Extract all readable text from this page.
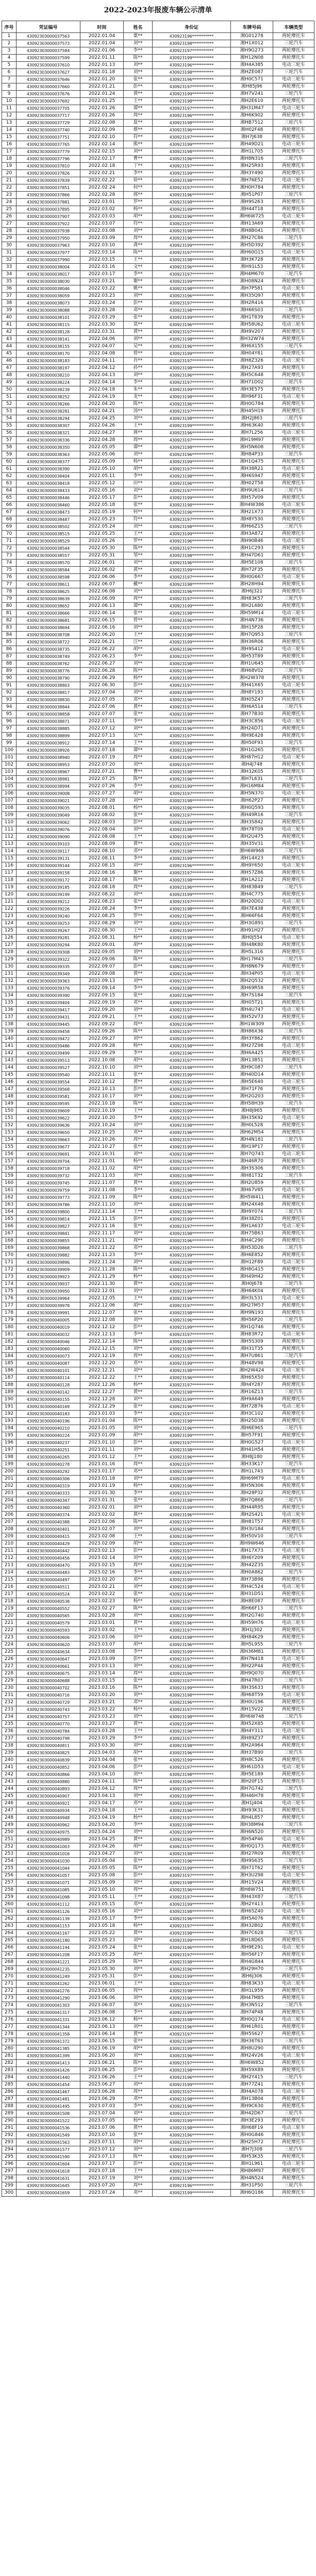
2022-2023年报废车辆公示清单
序号	凭证编号	时间	姓名	身份证	车牌号码	车辆类型
1	43092303000037563	2022.01.04	粟**	430923196***********	湘G01278	两轮摩托车
2	43092303000037573	2022.01.04	刘**	430923198***********	湘H1X012	三轮汽车
3	43092303000037584	2022.01.06	李**	430923197***********	湘H9G273	两轮摩托车
4	43092303000037599	2022.01.11	陈**	430923199***********	湘H12N08	两轮摩托车
5	43092303000037610	2022.01.13	刘**	430923196***********	湘H4A385	电动三轮车
6	43092303000037627	2022.01.18	刘**	430923198***********	湘HZE087	三轮汽车
7	43092303000037646	2022.01.20	张**	430923196***********	湘H0C571	电动三轮车
8	43092303000037660	2022.01.21	彭**	430923197***********	湘H85J96	两轮摩托车
9	43092303000037676	2022.01.24	黄**	430923199***********	湘H7V241	三轮汽车
10	43092303000037692	2022.01.25	王**	430923198***********	湘H2E610	两轮摩托车
11	43092303000037705	2022.01.26	谭**	430923197***********	湘H31M47	电动三轮车
12	43092303000037717	2022.01.26	周**	430923196***********	湘H6K902	两轮摩托车
13	43092303000037729	2022.02.08	夏**	430923198***********	湘HB7512	三轮汽车
14	43092303000037740	2022.02.09	蔡**	430923196***********	湘H02F48	两轮摩托车
15	43092303000037751	2022.02.10	符**	430923197***********	湘H7J638	两轮摩托车
16	43092303000037765	2022.02.14	熊**	430923199***********	湘H49D21	电动三轮车
17	43092303000037779	2022.02.15	刘**	430923198***********	湘H1L705	两轮摩托车
18	43092303000037796	2022.02.17	曹**	430923196***********	湘H8N316	三轮汽车
19	43092303000037810	2022.02.18	丁**	430923197***********	湘H25R93	两轮摩托车
20	43092303000037826	2022.02.21	李**	430923199***********	湘H3Y490	两轮摩托车
21	43092303000037839	2022.02.22	徐**	430923198***********	湘H76E52	电动三轮车
22	43092303000037851	2022.02.24	何**	430923197***********	湘H0H784	两轮摩托车
23	43092303000037866	2022.02.28	郭**	430923196***********	湘H51P07	三轮汽车
24	43092303000037881	2022.03.01	罗**	430923198***********	湘H9S263	两轮摩托车
25	43092303000037895	2022.03.02	杨**	430923199***********	湘H44T18	两轮摩托车
26	43092303000037907	2022.03.03	胡**	430923196***********	湘H6W725	电动三轮车
27	43092303000037922	2022.03.07	符**	430923197***********	湘H13A69	两轮摩托车
28	43092303000037938	2022.03.08	刘**	430923198***********	湘H8B041	两轮摩托车
29	43092303000037950	2022.03.09	周**	430923196***********	湘H27C86	三轮汽车
30	43092303000037963	2022.03.10	龚**	430923199***********	湘H5D392	两轮摩托车
31	43092303000037977	2022.03.14	陈**	430923197***********	湘H60G15	电动三轮车
32	43092303000037990	2022.03.15	王**	430923198***********	湘H3K728	两轮摩托车
33	43092303000038004	2022.03.16	文**	430923196***********	湘H91L53	两轮摩托车
34	43092303000038017	2022.03.17	李**	430923197***********	湘H4M670	三轮汽车
35	43092303000038030	2022.03.21	谢**	430923199***********	湘H08N24	两轮摩托车
36	43092303000038046	2022.03.22	姚**	430923198***********	湘H7P581	电动三轮车
37	43092303000038059	2022.03.23	刘**	430923196***********	湘H35Q97	两轮摩托车
38	43092303000038073	2022.03.24	彭**	430923197***********	湘H2R416	两轮摩托车
39	43092303000038088	2022.03.28	邓**	430923198***********	湘H66S03	三轮汽车
40	43092303000038101	2022.03.29	张**	430923199***********	湘H1T839	两轮摩托车
41	43092303000038115	2022.03.30	莫**	430923196***********	湘H58U62	电动三轮车
42	43092303000038128	2022.03.31	黄**	430923197***********	湘H9V207	两轮摩托车
43	43092303000038141	2022.04.06	刘**	430923198***********	湘H32W74	两轮摩托车
44	43092303000038155	2022.04.07	吴**	430923196***********	湘H6X155	三轮汽车
45	43092303000038170	2022.04.08	曾**	430923199***********	湘H04Y81	两轮摩托车
46	43092303000038183	2022.04.11	肖**	430923197***********	湘H8Z326	电动三轮车
47	43092303000038197	2022.04.12	孙**	430923198***********	湘H27A93	两轮摩托车
48	43092303000038210	2022.04.13	刘**	430923196***********	湘H5C648	两轮摩托车
49	43092303000038224	2022.04.14	李**	430923197***********	湘H71D02	三轮汽车
50	43092303000038239	2022.04.18	朱**	430923199***********	湘H3E575	两轮摩托车
51	43092303000038252	2022.04.19	龙**	430923198***********	湘H96F31	电动三轮车
52	43092303000038266	2022.04.20	陈**	430923196***********	湘H0G784	两轮摩托车
53	43092303000038281	2022.04.21	汤**	430923197***********	湘H45H19	两轮摩托车
54	43092303000038294	2022.04.25	刘**	430923198***********	湘H2J863	三轮汽车
55	43092303000038307	2022.04.26	王**	430923199***********	湘H63K40	两轮摩托车
56	43092303000038321	2022.04.27	蒋**	430923196***********	湘H7L256	电动三轮车
57	43092303000038336	2022.04.28	周**	430923197***********	湘H19M97	两轮摩托车
58	43092303000038350	2022.05.05	谭**	430923198***********	湘H5N608	两轮摩托车
59	43092303000038363	2022.05.06	刘**	430923196***********	湘H84P33	三轮汽车
60	43092303000038377	2022.05.09	杨**	430923199***********	湘H1Q475	两轮摩托车
61	43092303000038390	2022.05.10	胡**	430923197***********	湘H38R21	电动三轮车
62	43092303000038404	2022.05.11	李**	430923198***********	湘H6S947	两轮摩托车
63	43092303000038418	2022.05.12	田**	430923196***********	湘H02T58	两轮摩托车
64	43092303000038433	2022.05.16	刘**	430923197***********	湘H9U614	三轮汽车
65	43092303000038446	2022.05.17	彭**	430923199***********	湘H57V09	两轮摩托车
66	43092303000038460	2022.05.18	张**	430923198***********	湘H4W386	电动三轮车
67	43092303000038473	2022.05.19	何**	430923196***********	湘H21X73	两轮摩托车
68	43092303000038487	2022.05.23	符**	430923197***********	湘H8Y530	两轮摩托车
69	43092303000038502	2022.05.24	刘**	430923198***********	湘H66Z15	三轮汽车
70	43092303000038515	2022.05.25	王**	430923199***********	湘H3A872	两轮摩托车
71	43092303000038529	2022.05.26	罗**	430923196***********	湘H90B46	电动三轮车
72	43092303000038544	2022.05.30	陈**	430923197***********	湘H1C293	两轮摩托车
73	43092303000038557	2022.05.31	邹**	430923198***********	湘H47D61	两轮摩托车
74	43092303000038570	2022.06.01	刘**	430923196***********	湘H5E108	三轮汽车
75	43092303000038584	2022.06.02	黄**	430923199***********	湘H72F35	两轮摩托车
76	43092303000038598	2022.06.06	李**	430923197***********	湘H0G667	电动三轮车
77	43092303000038611	2022.06.07	戴**	430923198***********	湘H28H94	两轮摩托车
78	43092303000038625	2022.06.08	刘**	430923196***********	湘H6J321	两轮摩托车
79	43092303000038639	2022.06.09	周**	430923197***********	湘H83K57	三轮汽车
80	43092303000038652	2022.06.13	谭**	430923199***********	湘H2L480	两轮摩托车
81	43092303000038666	2022.06.14	张**	430923198***********	湘H59M14	电动三轮车
82	43092303000038681	2022.06.15	曾**	430923196***********	湘H4N736	两轮摩托车
83	43092303000038694	2022.06.16	刘**	430923197***********	湘H15P28	两轮摩托车
84	43092303000038708	2022.06.20	王**	430923198***********	湘H7Q953	三轮汽车
85	43092303000038722	2022.06.21	汪**	430923199***********	湘H36R06	两轮摩托车
86	43092303000038735	2022.06.22	胡**	430923196***********	湘H9S412	电动三轮车
87	43092303000038749	2022.06.23	李**	430923197***********	湘H53T89	两轮摩托车
88	43092303000038762	2022.06.27	刘**	430923198***********	湘H1U645	两轮摩托车
89	43092303000038776	2022.06.28	陈**	430923196***********	湘H68V02	三轮汽车
90	43092303000038790	2022.06.29	杨**	430923199***********	湘H2W378	两轮摩托车
91	43092303000038803	2022.06.30	彭**	430923197***********	湘H41X65	电动三轮车
92	43092303000038817	2022.07.04	刘**	430923198***********	湘H8Y193	两轮摩托车
93	43092303000038830	2022.07.05	邓**	430923196***********	湘H05Z47	两轮摩托车
94	43092303000038844	2022.07.06	黄**	430923197***********	湘H6A514	三轮汽车
95	43092303000038858	2022.07.07	张**	430923199***********	湘H77B30	两轮摩托车
96	43092303000038871	2022.07.11	李**	430923198***********	湘H3C856	电动三轮车
97	43092303000038885	2022.07.12	刘**	430923196***********	湘H24D71	两轮摩托车
98	43092303000038899	2022.07.13	吴**	430923197***********	湘H9E428	两轮摩托车
99	43092303000038912	2022.07.14	王**	430923198***********	湘H50F93	三轮汽车
100	43092303000038926	2022.07.18	谭**	430923199***********	湘H1G265	两轮摩托车
101	43092303000038940	2022.07.19	周**	430923196***********	湘H87H12	电动三轮车
102	43092303000038953	2022.07.20	刘**	430923197***********	湘H4J748	两轮摩托车
103	43092303000038967	2022.07.21	曹**	430923198***********	湘H32K05	两轮摩托车
104	43092303000038981	2022.07.25	陈**	430923196***********	湘H7L631	三轮汽车
105	43092303000038994	2022.07.26	李**	430923199***********	湘H16M84	两轮摩托车
106	43092303000039008	2022.07.27	胡**	430923197***********	湘H5N370	电动三轮车
107	43092303000039021	2022.07.28	刘**	430923198***********	湘H62P27	两轮摩托车
108	43092303000039035	2022.08.01	杨**	430923196***********	湘H0Q593	两轮摩托车
109	43092303000039049	2022.08.02	张**	430923197***********	湘H49R16	三轮汽车
110	43092303000039062	2022.08.03	彭**	430923199***********	湘H3S842	两轮摩托车
111	43092303000039076	2022.08.04	刘**	430923198***********	湘H78T09	电动三轮车
112	43092303000039090	2022.08.08	王**	430923196***********	湘H2U475	两轮摩托车
113	43092303000039103	2022.08.09	黄**	430923197***********	湘H35V31	两轮摩托车
114	43092303000039117	2022.08.10	邓**	430923198***********	湘H6W968	三轮汽车
115	43092303000039131	2022.08.11	李**	430923199***********	湘H14X23	两轮摩托车
116	43092303000039144	2022.08.15	刘**	430923196***********	湘H9Y650	电动三轮车
117	43092303000039158	2022.08.16	谢**	430923197***********	湘H57Z86	两轮摩托车
118	43092303000039172	2022.08.17	陈**	430923198***********	湘H1A212	两轮摩托车
119	43092303000039185	2022.08.18	周**	430923196***********	湘H83B49	三轮汽车
120	43092303000039199	2022.08.22	刘**	430923199***********	湘H4C775	两轮摩托车
121	43092303000039212	2022.08.23	张**	430923197***********	湘H20D02	电动三轮车
122	43092303000039226	2022.08.24	李**	430923198***********	湘H7E438	两轮摩托车
123	43092303000039240	2022.08.25	罗**	430923196***********	湘H66F64	两轮摩托车
124	43092303000039253	2022.08.29	刘**	430923197***********	湘H3G891	三轮汽车
125	43092303000039267	2022.08.30	王**	430923199***********	湘H91H27	两轮摩托车
126	43092303000039281	2022.08.31	杨**	430923198***********	湘H0J554	电动三轮车
127	43092303000039294	2022.09.01	胡**	430923196***********	湘H48K80	两轮摩托车
128	43092303000039308	2022.09.05	刘**	430923197***********	湘H5L316	两轮摩托车
129	43092303000039322	2022.09.06	陈**	430923198***********	湘H17M43	三轮汽车
130	43092303000039335	2022.09.07	彭**	430923199***********	湘H8N679	两轮摩托车
131	43092303000039349	2022.09.08	黄**	430923196***********	湘H34P05	电动三轮车
132	43092303000039363	2022.09.13	刘**	430923197***********	湘H2Q532	两轮摩托车
133	43092303000039376	2022.09.14	李**	430923198***********	湘H69R58	两轮摩托车
134	43092303000039390	2022.09.15	张**	430923196***********	湘H7S184	三轮汽车
135	43092303000039404	2022.09.19	邓**	430923199***********	湘H05T21	两轮摩托车
136	43092303000039417	2022.09.20	刘**	430923197***********	湘H4U747	电动三轮车
137	43092303000039431	2022.09.21	王**	430923198***********	湘H52V73	两轮摩托车
138	43092303000039445	2022.09.22	周**	430923196***********	湘H1W309	两轮摩托车
139	43092303000039458	2022.09.26	陈**	430923197***********	湘H86X36	三轮汽车
140	43092303000039472	2022.09.27	刘**	430923199***********	湘H3Y862	两轮摩托车
141	43092303000039486	2022.09.28	杨**	430923198***********	湘H27Z98	电动三轮车
142	43092303000039499	2022.09.29	李**	430923196***********	湘H6A425	两轮摩托车
143	43092303000039513	2022.10.08	胡**	430923197***********	湘H13B51	两轮摩托车
144	43092303000039527	2022.10.10	刘**	430923198***********	湘H9C087	三轮汽车
145	43092303000039540	2022.10.11	张**	430923199***********	湘H40D14	两轮摩托车
146	43092303000039554	2022.10.12	黄**	430923196***********	湘H5E640	电动三轮车
147	43092303000039568	2022.10.13	彭**	430923197***********	湘H71F76	两轮摩托车
148	43092303000039581	2022.10.17	刘**	430923198***********	湘H2G203	两轮摩托车
149	43092303000039595	2022.10.18	陈**	430923196***********	湘H58H39	三轮汽车
150	43092303000039609	2022.10.19	王**	430923199***********	湘H8J965	两轮摩托车
151	43092303000039622	2022.10.20	李**	430923197***********	湘H35K92	电动三轮车
152	43092303000039636	2022.10.24	刘**	430923198***********	湘H0L528	两轮摩托车
153	43092303000039650	2022.10.25	邓**	430923196***********	湘H62M54	两轮摩托车
154	43092303000039663	2022.10.26	周**	430923197***********	湘H4N181	三轮汽车
155	43092303000039677	2022.10.27	张**	430923199***********	湘H19P17	两轮摩托车
156	43092303000039691	2022.10.31	刘**	430923198***********	湘H7Q743	电动三轮车
157	43092303000039704	2022.11.01	杨**	430923196***********	湘H46R70	两轮摩托车
158	43092303000039718	2022.11.02	胡**	430923197***********	湘H3S306	两轮摩托车
159	43092303000039732	2022.11.03	刘**	430923198***********	湘H81T32	三轮汽车
160	43092303000039745	2022.11.07	黄**	430923199***********	湘H2U859	两轮摩托车
161	43092303000039759	2022.11.08	李**	430923196***********	湘H67V85	电动三轮车
162	43092303000039773	2022.11.09	陈**	430923197***********	湘H5W411	两轮摩托车
163	43092303000039786	2022.11.10	刘**	430923198***********	湘H24X48	两轮摩托车
164	43092303000039800	2022.11.14	王**	430923196***********	湘H9Y074	三轮汽车
165	43092303000039814	2022.11.15	彭**	430923199***********	湘H38Z01	两轮摩托车
166	43092303000039827	2022.11.16	张**	430923197***********	湘H1A637	电动三轮车
167	43092303000039841	2022.11.17	刘**	430923198***********	湘H75B63	两轮摩托车
168	43092303000039855	2022.11.21	周**	430923196***********	湘H4C290	两轮摩托车
169	43092303000039868	2022.11.22	邓**	430923197***********	湘H53D26	三轮汽车
170	43092303000039882	2022.11.23	李**	430923199***********	湘H6E852	两轮摩托车
171	43092303000039896	2022.11.24	刘**	430923198***********	湘H12F89	电动三轮车
172	43092303000039909	2022.11.28	陈**	430923196***********	湘H8G415	两轮摩托车
173	43092303000039923	2022.11.29	杨**	430923197***********	湘H49H42	两轮摩托车
174	43092303000039937	2022.11.30	黄**	430923198***********	湘H0J678	三轮汽车
175	43092303000039950	2022.12.01	刘**	430923199***********	湘H64K04	两轮摩托车
176	43092303000039964	2022.12.05	王**	430923196***********	湘H3L531	电动三轮车
177	43092303000039978	2022.12.06	胡**	430923197***********	湘H27M57	两轮摩托车
178	43092303000039991	2022.12.07	张**	430923198***********	湘H9N193	两轮摩托车
179	43092303000040005	2022.12.08	刘**	430923196***********	湘H56P20	三轮汽车
180	43092303000040019	2022.12.12	彭**	430923199***********	湘H1Q746	两轮摩托车
181	43092303000040032	2022.12.13	李**	430923197***********	湘H83R72	电动三轮车
182	43092303000040046	2022.12.14	陈**	430923198***********	湘H5S309	两轮摩托车
183	43092303000040060	2022.12.15	刘**	430923196***********	湘H31T35	两轮摩托车
184	43092303000040073	2022.12.19	周**	430923197***********	湘H7U861	三轮汽车
185	43092303000040087	2022.12.20	邓**	430923199***********	湘H48V98	两轮摩托车
186	43092303000040101	2022.12.21	刘**	430923198***********	湘H2W424	电动三轮车
187	43092303000040114	2022.12.22	王**	430923196***********	湘H65X50	两轮摩托车
188	43092303000040128	2022.12.26	杨**	430923197***********	湘H4Y287	两轮摩托车
189	43092303000040142	2022.12.27	黄**	430923198***********	湘H16Z13	三轮汽车
190	43092303000040155	2022.12.28	刘**	430923199***********	湘H9A649	两轮摩托车
191	43092303000040169	2022.12.29	张**	430923196***********	湘H72B76	电动三轮车
192	43092303000040183	2023.01.03	李**	430923197***********	湘H3C102	两轮摩托车
193	43092303000040196	2023.01.04	陈**	430923198***********	湘H25D38	两轮摩托车
194	43092303000040210	2023.01.05	刘**	430923196***********	湘H6E965	三轮汽车
195	43092303000040224	2023.01.09	胡**	430923199***********	湘H57F91	两轮摩托车
196	43092303000040237	2023.01.10	彭**	430923197***********	湘H0G527	电动三轮车
197	43092303000040251	2023.01.11	刘**	430923198***********	湘H41H54	两轮摩托车
198	43092303000040265	2023.01.12	王**	430923196***********	湘H8J180	两轮摩托车
199	43092303000040278	2023.01.16	周**	430923197***********	湘H33K17	三轮汽车
200	43092303000040292	2023.01.17	邓**	430923199***********	湘H1L743	两轮摩托车
201	43092303000040306	2023.01.18	刘**	430923198***********	湘H69M79	电动三轮车
202	43092303000040319	2023.01.19	杨**	430923196***********	湘H5N306	两轮摩托车
203	43092303000040333	2023.01.30	李**	430923197***********	湘H28P32	两轮摩托车
204	43092303000040347	2023.01.31	张**	430923198***********	湘H7Q868	三轮汽车
205	43092303000040360	2023.02.01	刘**	430923199***********	湘H44R95	两轮摩托车
206	43092303000040374	2023.02.02	黄**	430923196***********	湘H2S421	电动三轮车
207	43092303000040388	2023.02.06	陈**	430923197***********	湘H81T57	两轮摩托车
208	43092303000040401	2023.02.07	刘**	430923198***********	湘H3U184	两轮摩托车
209	43092303000040415	2023.02.08	王**	430923196***********	湘H50V10	三轮汽车
210	43092303000040429	2023.02.09	胡**	430923199***********	湘H9W646	两轮摩托车
211	43092303000040442	2023.02.13	彭**	430923197***********	湘H17X73	电动三轮车
212	43092303000040456	2023.02.14	刘**	430923198***********	湘H6Y209	两轮摩托车
213	43092303000040470	2023.02.15	周**	430923196***********	湘H42Z35	两轮摩托车
214	43092303000040483	2023.02.16	李**	430923197***********	湘H0A862	三轮汽车
215	43092303000040497	2023.02.20	邓**	430923199***********	湘H73B98	两轮摩托车
216	43092303000040511	2023.02.21	刘**	430923198***********	湘H4C524	电动三轮车
217	43092303000040524	2023.02.22	张**	430923196***********	湘H31D51	两轮摩托车
218	43092303000040538	2023.02.23	杨**	430923197***********	湘H8E087	两轮摩托车
219	43092303000040552	2023.02.27	陈**	430923198***********	湘H66F13	三轮汽车
220	43092303000040565	2023.02.28	刘**	430923199***********	湘H2G740	两轮摩托车
221	43092303000040579	2023.03.01	黄**	430923196***********	湘H59H76	电动三轮车
222	43092303000040593	2023.03.02	王**	430923197***********	湘H1J302	两轮摩托车
223	43092303000040606	2023.03.06	刘**	430923198***********	湘H84K29	两轮摩托车
224	43092303000040620	2023.03.07	胡**	430923196***********	湘H5L955	三轮汽车
225	43092303000040634	2023.03.08	李**	430923199***********	湘H36M81	两轮摩托车
226	43092303000040647	2023.03.09	彭**	430923197***********	湘H7N418	电动三轮车
227	43092303000040661	2023.03.13	刘**	430923198***********	湘H22P44	两轮摩托车
228	43092303000040675	2023.03.14	周**	430923196***********	湘H9Q070	两轮摩托车
229	43092303000040688	2023.03.15	张**	430923197***********	湘H47R07	三轮汽车
230	43092303000040702	2023.03.16	陈**	430923199***********	湘H3S633	两轮摩托车
231	43092303000040716	2023.03.20	刘**	430923198***********	湘H68T59	电动三轮车
232	43092303000040729	2023.03.21	邓**	430923196***********	湘H0U196	两轮摩托车
233	43092303000040743	2023.03.22	杨**	430923197***********	湘H15V22	两轮摩托车
234	43092303000040757	2023.03.23	刘**	430923198***********	湘H6W748	三轮汽车
235	43092303000040770	2023.03.27	黄**	430923199***********	湘H52X85	两轮摩托车
236	43092303000040784	2023.03.28	王**	430923196***********	湘H4Y311	电动三轮车
237	43092303000040798	2023.03.29	李**	430923197***********	湘H89Z37	两轮摩托车
238	43092303000040811	2023.03.30	刘**	430923198***********	湘H2A964	两轮摩托车
239	43092303000040825	2023.04.03	胡**	430923196***********	湘H37B90	三轮汽车
240	43092303000040839	2023.04.04	张**	430923199***********	湘H8C526	两轮摩托车
241	43092303000040852	2023.04.06	彭**	430923197***********	湘H61D53	电动三轮车
242	43092303000040866	2023.04.10	刘**	430923198***********	湘H5E189	两轮摩托车
243	43092303000040880	2023.04.11	陈**	430923196***********	湘H20F15	两轮摩托车
244	43092303000040893	2023.04.12	周**	430923197***********	湘H7G742	三轮汽车
245	43092303000040907	2023.04.13	刘**	430923199***********	湘H46H78	两轮摩托车
246	43092303000040921	2023.04.17	邓**	430923198***********	湘H1J404	电动三轮车
247	43092303000040934	2023.04.18	王**	430923196***********	湘H93K31	两轮摩托车
248	43092303000040948	2023.04.19	杨**	430923197***********	湘H4L857	两轮摩托车
249	43092303000040962	2023.04.20	李**	430923198***********	湘H38M94	三轮汽车
250	43092303000040975	2023.04.24	刘**	430923199***********	湘H6N520	两轮摩托车
251	43092303000040989	2023.04.25	黄**	430923196***********	湘H54P46	电动三轮车
252	43092303000041003	2023.04.26	胡**	430923197***********	湘H0Q173	两轮摩托车
253	43092303000041016	2023.04.27	刘**	430923198***********	湘H27R09	两轮摩托车
254	43092303000041030	2023.05.04	张**	430923196***********	湘H9S635	三轮汽车
255	43092303000041044	2023.05.05	陈**	430923199***********	湘H71T62	两轮摩托车
256	43092303000041057	2023.05.08	彭**	430923197***********	湘H3U298	电动三轮车
257	43092303000041071	2023.05.09	刘**	430923198***********	湘H15V24	两轮摩托车
258	43092303000041085	2023.05.10	周**	430923196***********	湘H8W751	两轮摩托车
259	43092303000041098	2023.05.11	王**	430923197***********	湘H43X87	三轮汽车
260	43092303000041112	2023.05.15	邓**	430923199***********	湘H2Y413	两轮摩托车
261	43092303000041126	2023.05.16	刘**	430923198***********	湘H65Z40	电动三轮车
262	43092303000041139	2023.05.17	李**	430923196***********	湘H5A076	两轮摩托车
263	43092303000041153	2023.05.18	杨**	430923197***********	湘H32B02	两轮摩托车
264	43092303000041167	2023.05.22	黄**	430923198***********	湘H7C628	三轮汽车
265	43092303000041180	2023.05.23	刘**	430923199***********	湘H18D65	两轮摩托车
266	43092303000041194	2023.05.24	张**	430923196***********	湘H9E291	电动三轮车
267	43092303000041208	2023.05.25	胡**	430923197***********	湘H56F17	两轮摩托车
268	43092303000041221	2023.05.29	陈**	430923198***********	湘H4G844	两轮摩托车
269	43092303000041235	2023.05.30	刘**	430923196***********	湘H29H70	三轮汽车
270	43092303000041249	2023.05.31	彭**	430923199***********	湘H6J306	两轮摩托车
271	43092303000041262	2023.06.01	王**	430923197***********	湘H83K33	电动三轮车
272	43092303000041276	2023.06.05	周**	430923198***********	湘H1L959	两轮摩托车
273	43092303000041290	2023.06.06	刘**	430923196***********	湘H47M85	两轮摩托车
274	43092303000041303	2023.06.07	邓**	430923197***********	湘H3N512	三轮汽车
275	43092303000041317	2023.06.08	李**	430923199***********	湘H74P48	两轮摩托车
276	43092303000041331	2023.06.12	杨**	430923198***********	湘H0Q174	电动三轮车
277	43092303000041344	2023.06.13	刘**	430923196***********	湘H61R01	两轮摩托车
278	43092303000041358	2023.06.14	黄**	430923197***********	湘H5S627	两轮摩托车
279	43092303000041372	2023.06.15	张**	430923198***********	湘H36T63	三轮汽车
280	43092303000041385	2023.06.19	胡**	430923199***********	湘H8U290	两轮摩托车
281	43092303000041399	2023.06.20	刘**	430923196***********	湘H24V26	电动三轮车
282	43092303000041413	2023.06.21	陈**	430923197***********	湘H6W852	两轮摩托车
283	43092303000041426	2023.06.25	彭**	430923198***********	湘H59X89	两轮摩托车
284	43092303000041440	2023.06.26	王**	430923196***********	湘H2Y415	三轮汽车
285	43092303000041454	2023.06.27	刘**	430923199***********	湘H77Z41	两轮摩托车
286	43092303000041467	2023.06.28	周**	430923197***********	湘H4A078	电动三轮车
287	43092303000041481	2023.06.29	邓**	430923198***********	湘H13B04	两轮摩托车
288	43092303000041495	2023.07.03	李**	430923196***********	湘H9C630	两轮摩托车
289	43092303000041508	2023.07.04	刘**	430923197***********	湘H42D67	三轮汽车
290	43092303000041522	2023.07.05	杨**	430923199***********	湘H3E293	两轮摩托车
291	43092303000041536	2023.07.06	黄**	430923198***********	湘H68F19	电动三轮车
292	43092303000041549	2023.07.10	张**	430923196***********	湘H0G846	两轮摩托车
293	43092303000041563	2023.07.11	胡**	430923197***********	湘H25H72	两轮摩托车
294	43092303000041577	2023.07.12	刘**	430923198***********	湘H7J308	三轮汽车
295	43092303000041590	2023.07.13	陈**	430923199***********	湘H53K35	两轮摩托车
296	43092303000041604	2023.07.17	彭**	430923196***********	湘H1L961	电动三轮车
297	43092303000041618	2023.07.18	王**	430923197***********	湘H86M97	两轮摩托车
298	43092303000041631	2023.07.19	刘**	430923198***********	湘H4N524	两轮摩托车
299	43092303000041645	2023.07.20	周**	430923196***********	湘H31P50	三轮汽车
300	43092303000041659	2023.07.24	邓**	430923199***********	湘H6Q186	两轮摩托车
